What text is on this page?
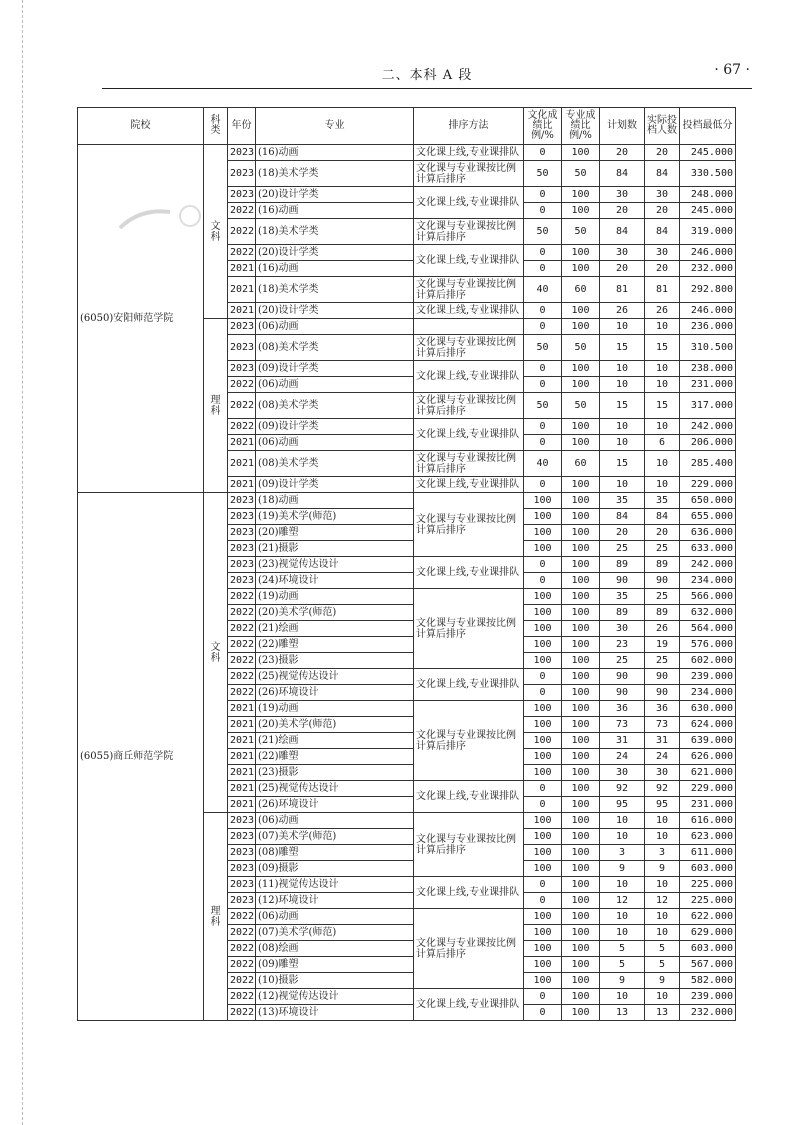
二、本科 A 段	· 67 ·
院校	科类	年份	专业	排序方法	文化成绩比例/%	专业成绩比例/%	计划数	实际投档人数	投档最低分
(6050)安阳师范学院	文科	2023	(16)动画	文化课上线,专业课排队	0	100	20	20	245.000
		2023	(18)美术学类	文化课与专业课按比例计算后排序	50	50	84	84	330.500
		2023	(20)设计学类	文化课上线,专业课排队	0	100	30	30	248.000
		2022	(16)动画		0	100	20	20	245.000
		2022	(18)美术学类	文化课与专业课按比例计算后排序	50	50	84	84	319.000
		2022	(20)设计学类	文化课上线,专业课排队	0	100	30	30	246.000
		2021	(16)动画		0	100	20	20	232.000
		2021	(18)美术学类	文化课与专业课按比例计算后排序	40	60	81	81	292.800
		2021	(20)设计学类	文化课上线,专业课排队	0	100	26	26	246.000
	理科	2023	(06)动画		0	100	10	10	236.000
		2023	(08)美术学类	文化课与专业课按比例计算后排序	50	50	15	15	310.500
		2023	(09)设计学类	文化课上线,专业课排队	0	100	10	10	238.000
		2022	(06)动画		0	100	10	10	231.000
		2022	(08)美术学类	文化课与专业课按比例计算后排序	50	50	15	15	317.000
		2022	(09)设计学类	文化课上线,专业课排队	0	100	10	10	242.000
		2021	(06)动画		0	100	10	6	206.000
		2021	(08)美术学类	文化课与专业课按比例计算后排序	40	60	15	10	285.400
		2021	(09)设计学类	文化课上线,专业课排队	0	100	10	10	229.000
(6055)商丘师范学院	文科	2023	(18)动画	文化课与专业课按比例计算后排序	100	100	35	35	650.000
		2023	(19)美术学(师范)		100	100	84	84	655.000
		2023	(20)雕塑		100	100	20	20	636.000
		2023	(21)摄影		100	100	25	25	633.000
		2023	(23)视觉传达设计	文化课上线,专业课排队	0	100	89	89	242.000
		2023	(24)环境设计		0	100	90	90	234.000
		2022	(19)动画	文化课与专业课按比例计算后排序	100	100	35	25	566.000
		2022	(20)美术学(师范)		100	100	89	89	632.000
		2022	(21)绘画		100	100	30	26	564.000
		2022	(22)雕塑		100	100	23	19	576.000
		2022	(23)摄影		100	100	25	25	602.000
		2022	(25)视觉传达设计	文化课上线,专业课排队	0	100	90	90	239.000
		2022	(26)环境设计		0	100	90	90	234.000
		2021	(19)动画	文化课与专业课按比例计算后排序	100	100	36	36	630.000
		2021	(20)美术学(师范)		100	100	73	73	624.000
		2021	(21)绘画		100	100	31	31	639.000
		2021	(22)雕塑		100	100	24	24	626.000
		2021	(23)摄影		100	100	30	30	621.000
		2021	(25)视觉传达设计	文化课上线,专业课排队	0	100	92	92	229.000
		2021	(26)环境设计		0	100	95	95	231.000
	理科	2023	(06)动画	文化课与专业课按比例计算后排序	100	100	10	10	616.000
		2023	(07)美术学(师范)		100	100	10	10	623.000
		2023	(08)雕塑		100	100	3	3	611.000
		2023	(09)摄影		100	100	9	9	603.000
		2023	(11)视觉传达设计	文化课上线,专业课排队	0	100	10	10	225.000
		2023	(12)环境设计		0	100	12	12	225.000
		2022	(06)动画	文化课与专业课按比例计算后排序	100	100	10	10	622.000
		2022	(07)美术学(师范)		100	100	10	10	629.000
		2022	(08)绘画		100	100	5	5	603.000
		2022	(09)雕塑		100	100	5	5	567.000
		2022	(10)摄影		100	100	9	9	582.000
		2022	(12)视觉传达设计	文化课上线,专业课排队	0	100	10	10	239.000
		2022	(13)环境设计		0	100	13	13	232.000
